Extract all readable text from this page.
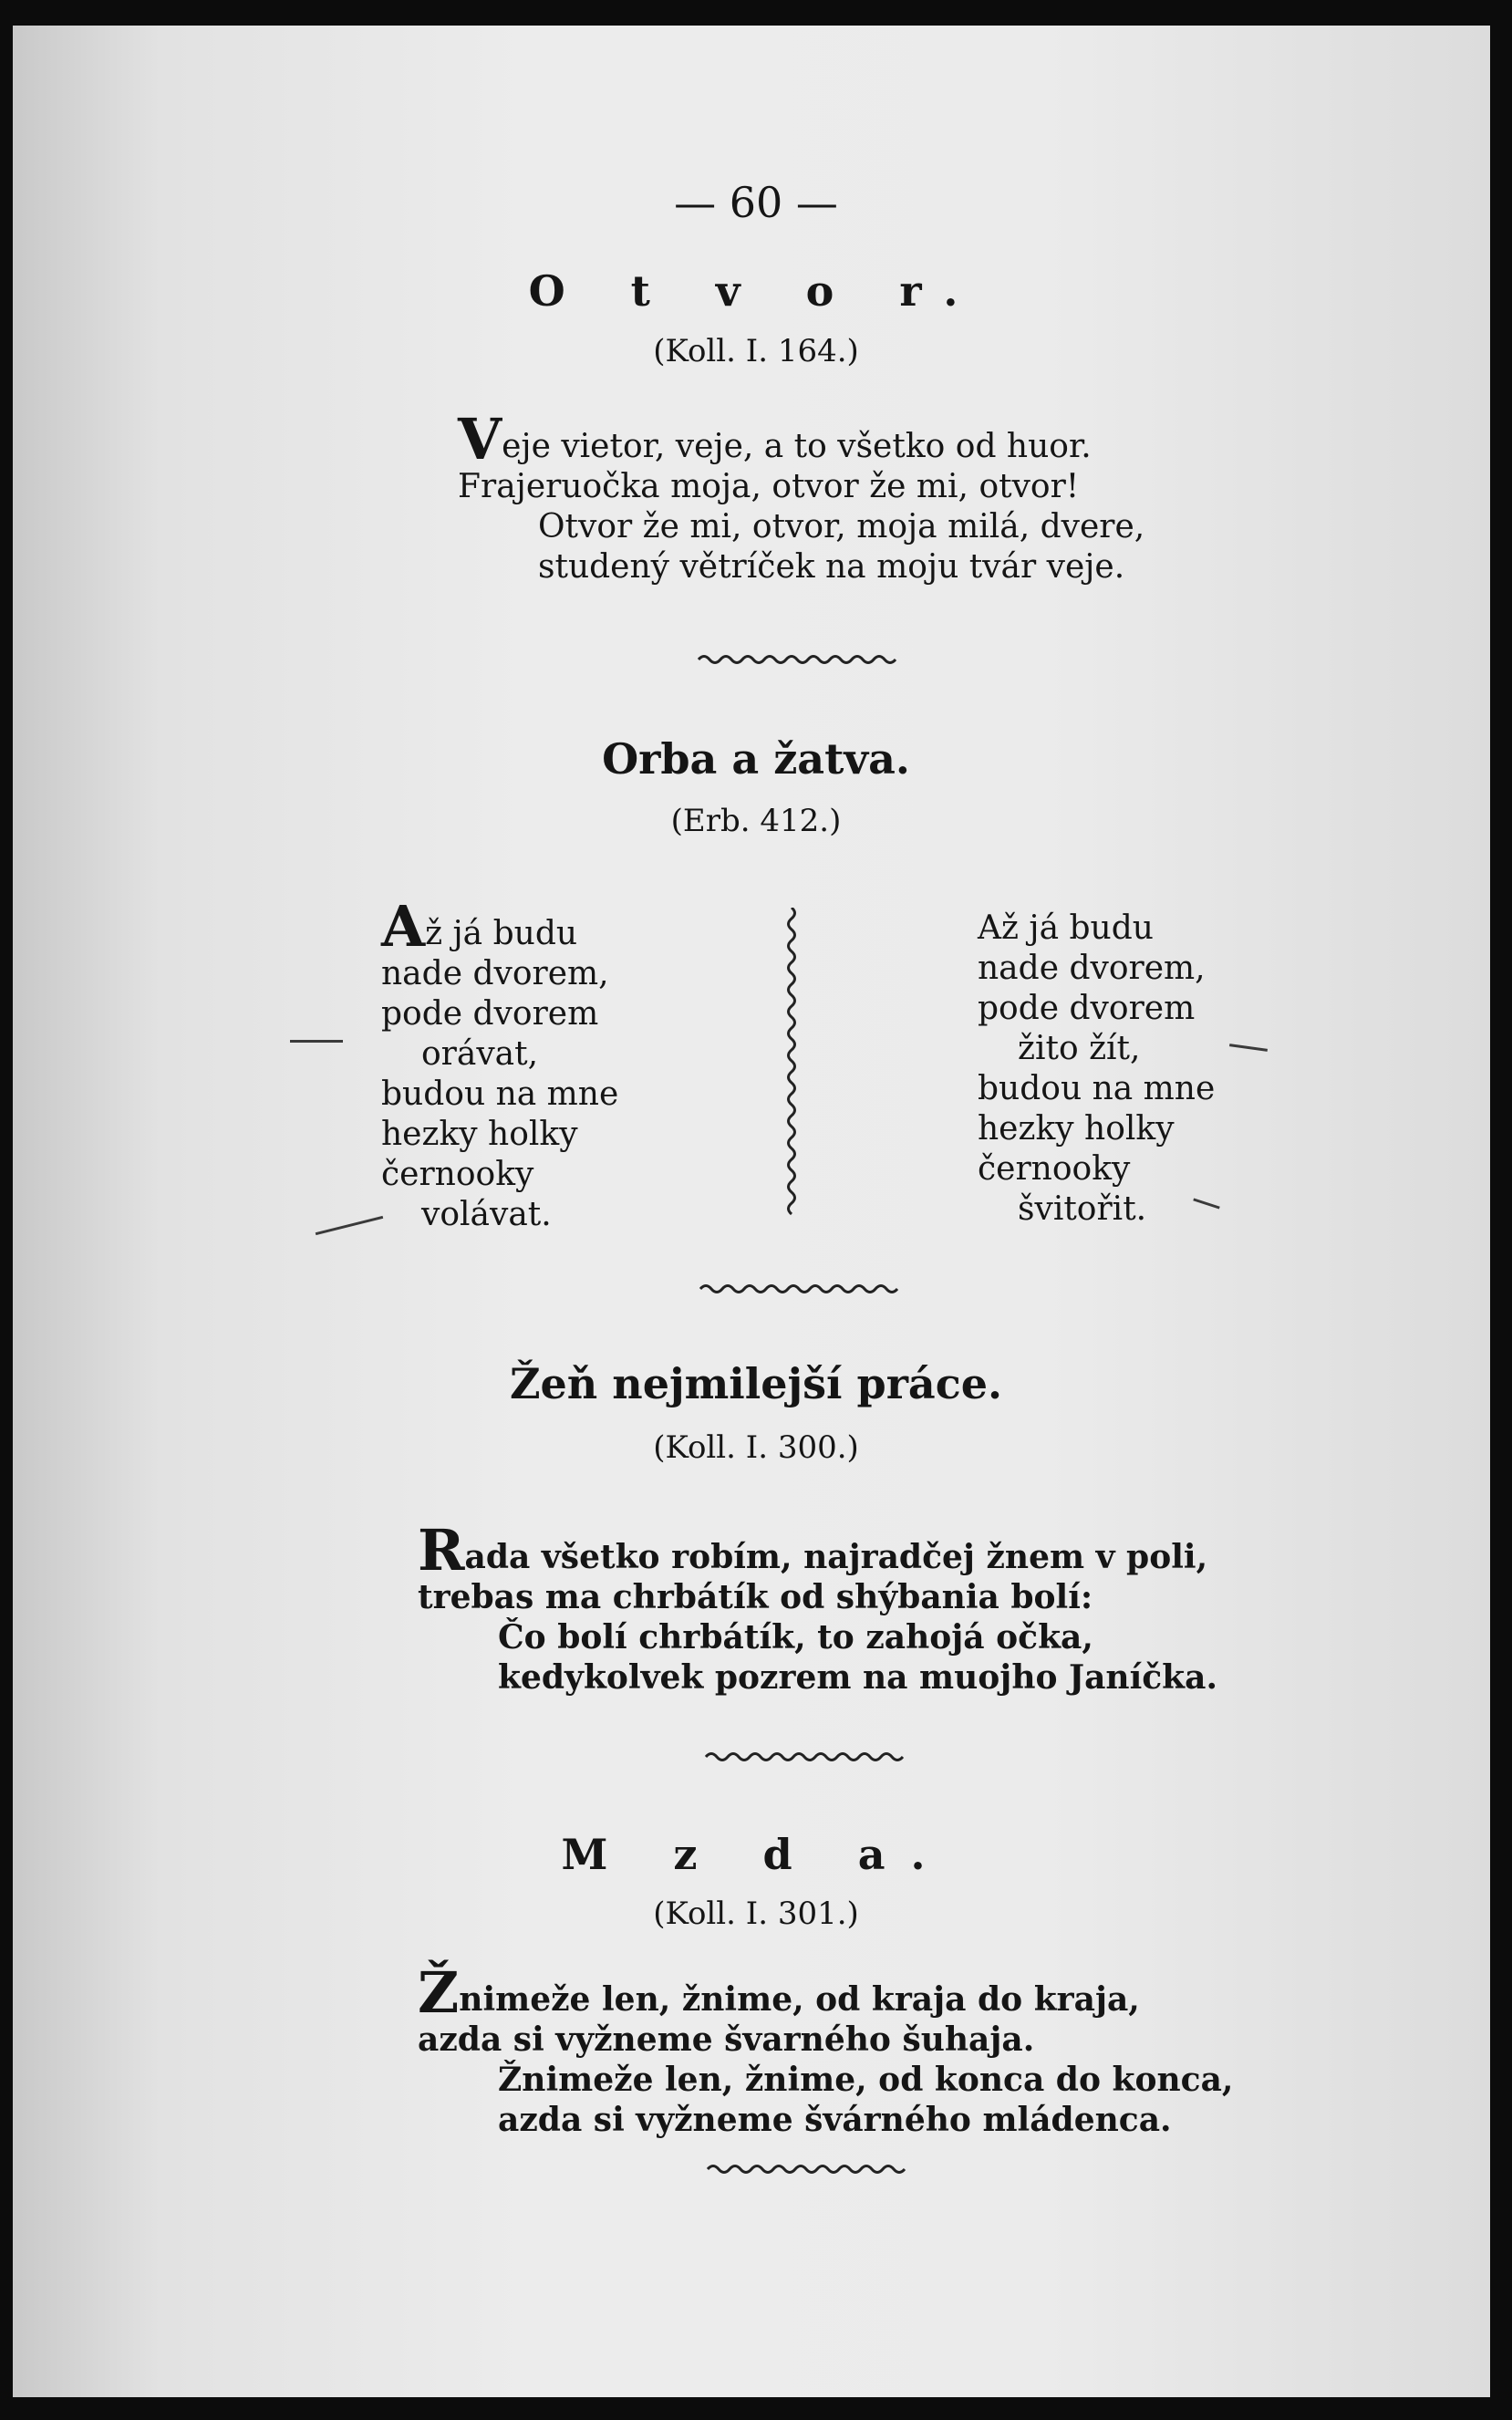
— 60 —
O t v o r.
(Koll. I. 164.)
Veje vietor, veje, a to všetko od huor.
Frajeruočka moja, otvor že mi, otvor!
Otvor že mi, otvor, moja milá, dvere,
studený větríček na moju tvár veje.
Orba a žatva.
(Erb. 412.)
Až já budu
nade dvorem,
pode dvorem
orávat,
budou na mne
hezky holky
černooky
volávat.
Až já budu
nade dvorem,
pode dvorem
žito žít,
budou na mne
hezky holky
černooky
švitořit.
Žeň nejmilejší práce.
(Koll. I. 300.)
Rada všetko robím, najradčej žnem v poli,
trebas ma chrbátík od shýbania bolí:
Čo bolí chrbátík, to zahojá očka,
kedykolvek pozrem na muojho Janíčka.
M z d a.
(Koll. I. 301.)
Žnimeže len, žnime, od kraja do kraja,
azda si vyžneme švarného šuhaja.
Žnimeže len, žnime, od konca do konca,
azda si vyžneme švárného mládenca.
